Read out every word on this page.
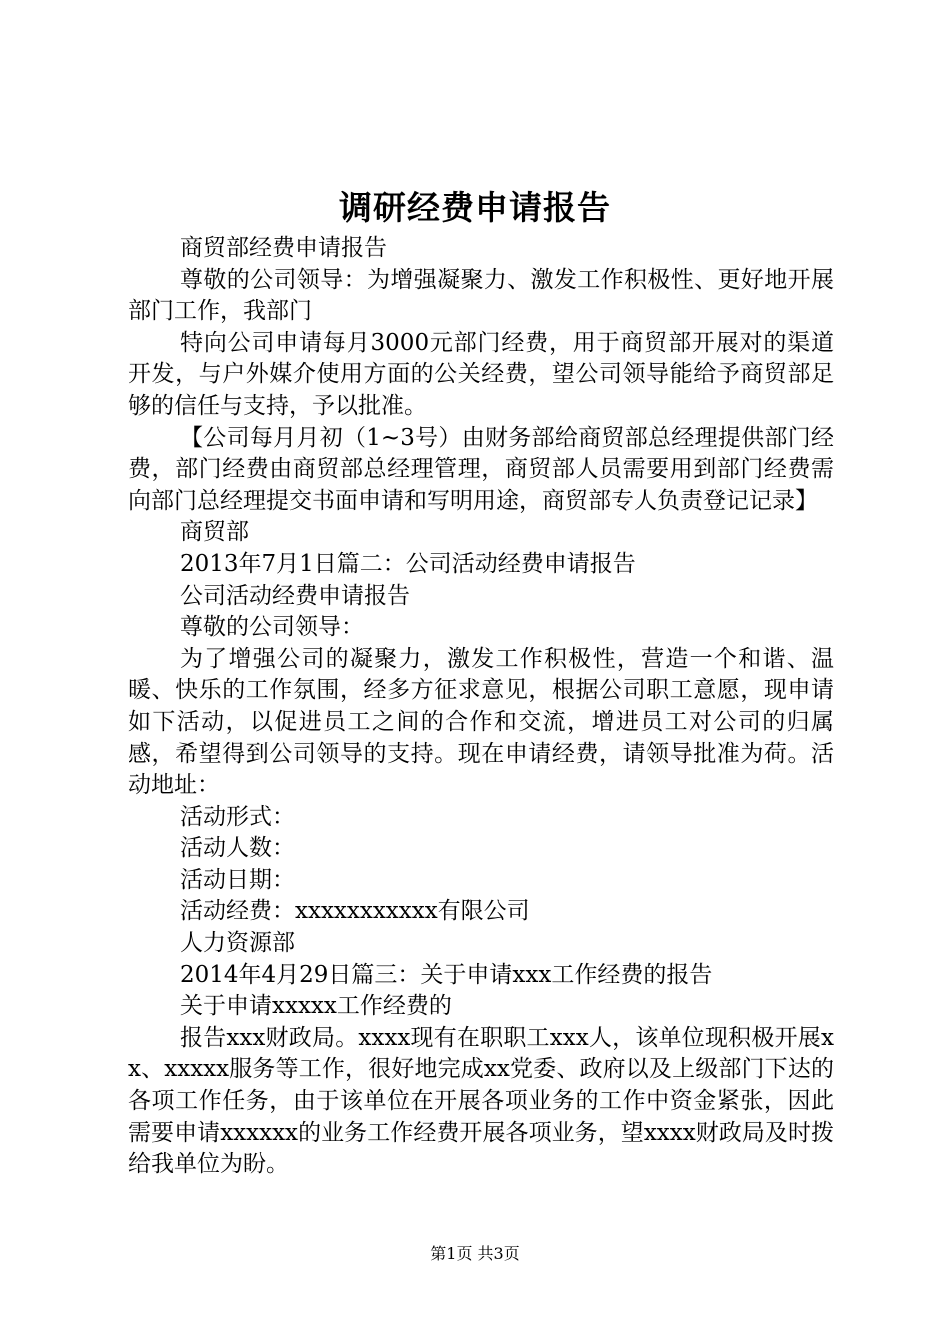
调研经费申请报告

商贸部经费申请报告

尊敬的公司领导：为增强凝聚力、激发工作积极性、更好地开展部门工作，我部门

特向公司申请每月3000元部门经费，用于商贸部开展对的渠道开发，与户外媒介使用方面的公关经费，望公司领导能给予商贸部足够的信任与支持，予以批准。

【公司每月月初（1~3号）由财务部给商贸部总经理提供部门经费，部门经费由商贸部总经理管理，商贸部人员需要用到部门经费需向部门总经理提交书面申请和写明用途，商贸部专人负责登记记录】

商贸部

2013年7月1日篇二：公司活动经费申请报告

公司活动经费申请报告

尊敬的公司领导：

为了增强公司的凝聚力，激发工作积极性，营造一个和谐、温暖、快乐的工作氛围，经多方征求意见，根据公司职工意愿，现申请如下活动，以促进员工之间的合作和交流，增进员工对公司的归属感，希望得到公司领导的支持。现在申请经费，请领导批准为荷。活动地址：

活动形式：

活动人数：

活动日期：

活动经费：xxxxxxxxxxx有限公司

人力资源部

2014年4月29日篇三：关于申请xxx工作经费的报告

关于申请xxxxx工作经费的

报告xxx财政局。xxxx现有在职职工xxx人，该单位现积极开展xx、xxxxx服务等工作，很好地完成xx党委、政府以及上级部门下达的各项工作任务，由于该单位在开展各项业务的工作中资金紧张，因此需要申请xxxxxx的业务工作经费开展各项业务，望xxxx财政局及时拨给我单位为盼。

第1页 共3页
